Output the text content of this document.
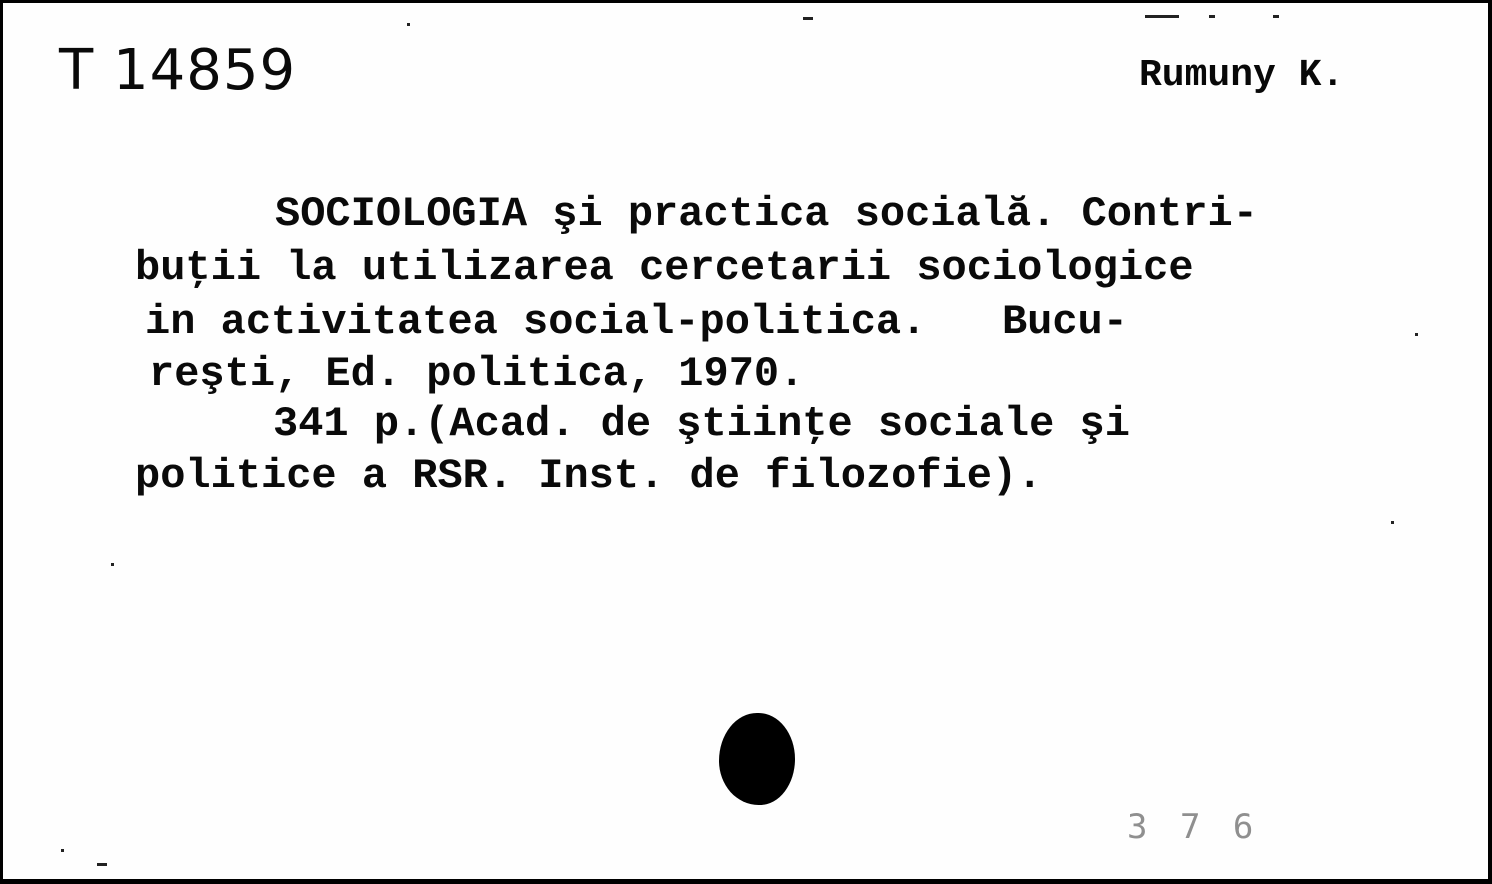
T 14859	Rumuny K.
SOCIOLOGIA şi practica socială. Contri-
buţii la utilizarea cercetarii sociologice
in activitatea social-politica.   Bucu-
reşti, Ed. politica, 1970.
341 p.(Acad. de ştiinţe sociale şi
politice a RSR. Inst. de filozofie).
3 7 6
